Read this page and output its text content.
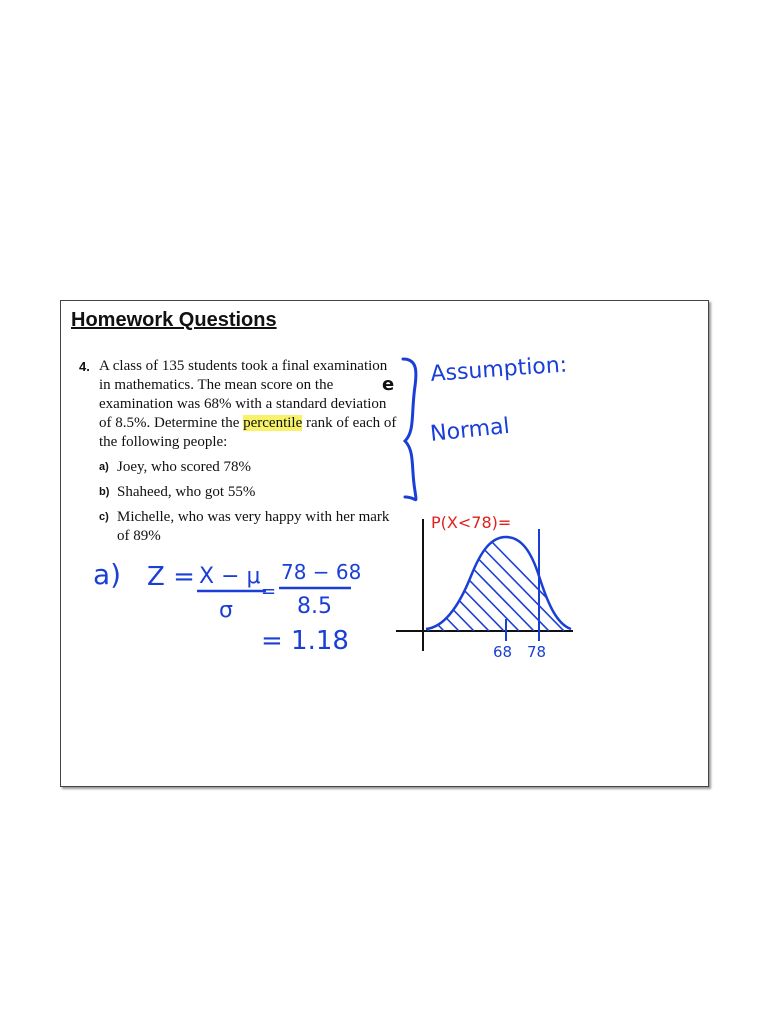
Homework Questions
4. A class of 135 students took a final examination in mathematics. The mean score on the examination was 68% with a standard deviation of 8.5%. Determine the percentile rank of each of the following people:
a) Joey, who scored 78%
b) Shaheed, who got 55%
c) Michelle, who was very happy with her mark of 89%
e Assumption:
Normal
P(X<78)=
68 78
a) Z = X − μ
σ
=
78 − 68
8.5
= 1.18
